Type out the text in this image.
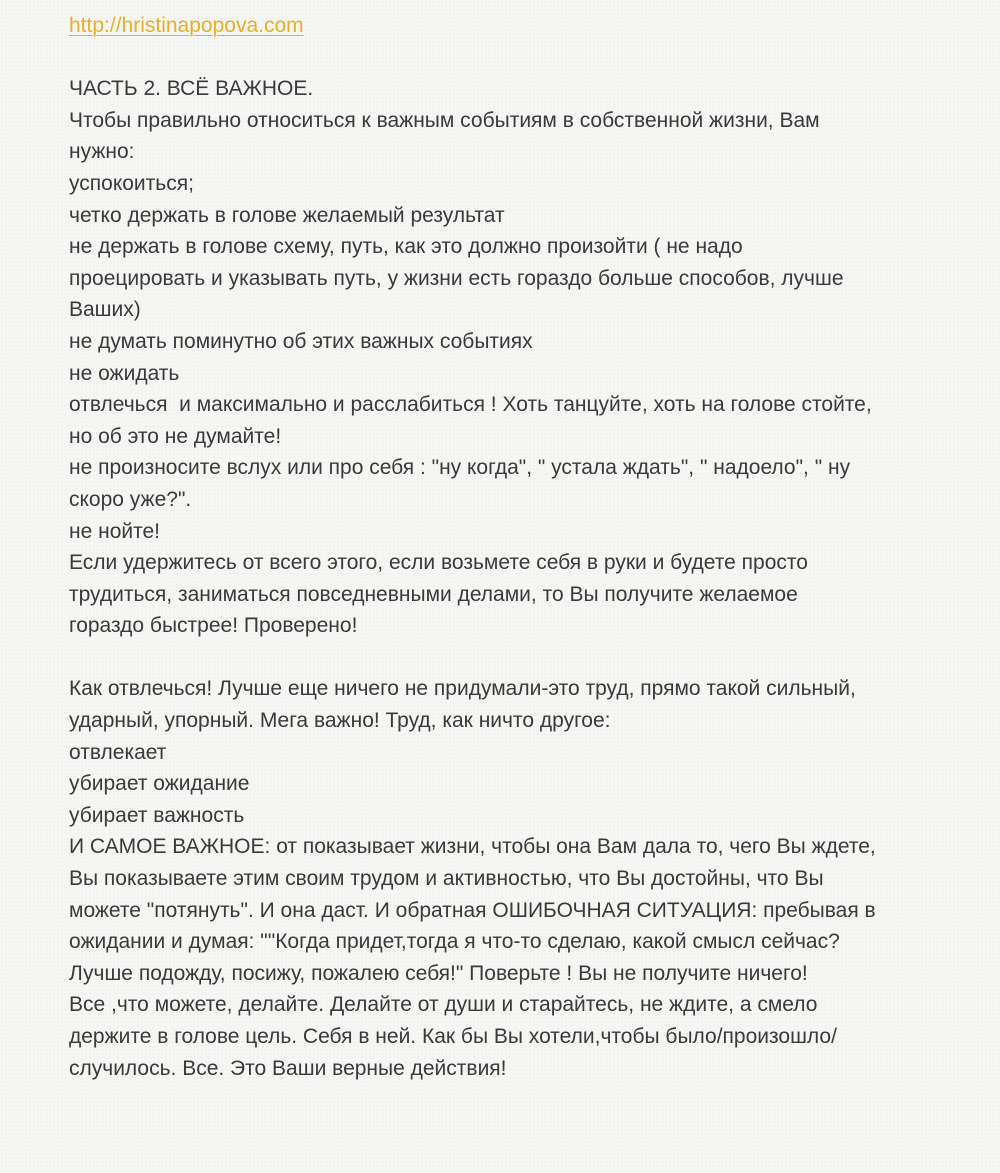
http://hristinapopova.com
ЧАСТЬ 2. ВСЁ ВАЖНОЕ.
Чтобы правильно относиться к важным событиям в собственной жизни, Вам
нужно:
успокоиться;
четко держать в голове желаемый результат
не держать в голове схему, путь, как это должно произойти ( не надо
проецировать и указывать путь, у жизни есть гораздо больше способов, лучше
Ваших)
не думать поминутно об этих важных событиях
не ожидать
отвлечься  и максимально и расслабиться ! Хоть танцуйте, хоть на голове стойте,
но об это не думайте!
не произносите вслух или про себя : "ну когда", " устала ждать", " надоело", " ну
скоро уже?".
не нойте!
Если удержитесь от всего этого, если возьмете себя в руки и будете просто
трудиться, заниматься повседневными делами, то Вы получите желаемое
гораздо быстрее! Проверено!
Как отвлечься! Лучше еще ничего не придумали-это труд, прямо такой сильный,
ударный, упорный. Мега важно! Труд, как ничто другое:
отвлекает
убирает ожидание
убирает важность
И САМОЕ ВАЖНОЕ: от показывает жизни, чтобы она Вам дала то, чего Вы ждете,
Вы показываете этим своим трудом и активностью, что Вы достойны, что Вы
можете "потянуть". И она даст. И обратная ОШИБОЧНАЯ СИТУАЦИЯ: пребывая в
ожидании и думая: ""Когда придет,тогда я что-то сделаю, какой смысл сейчас?
Лучше подожду, посижу, пожалею себя!" Поверьте ! Вы не получите ничего!
Все ,что можете, делайте. Делайте от души и старайтесь, не ждите, а смело
держите в голове цель. Себя в ней. Как бы Вы хотели,чтобы было/произошло/
случилось. Все. Это Ваши верные действия!
